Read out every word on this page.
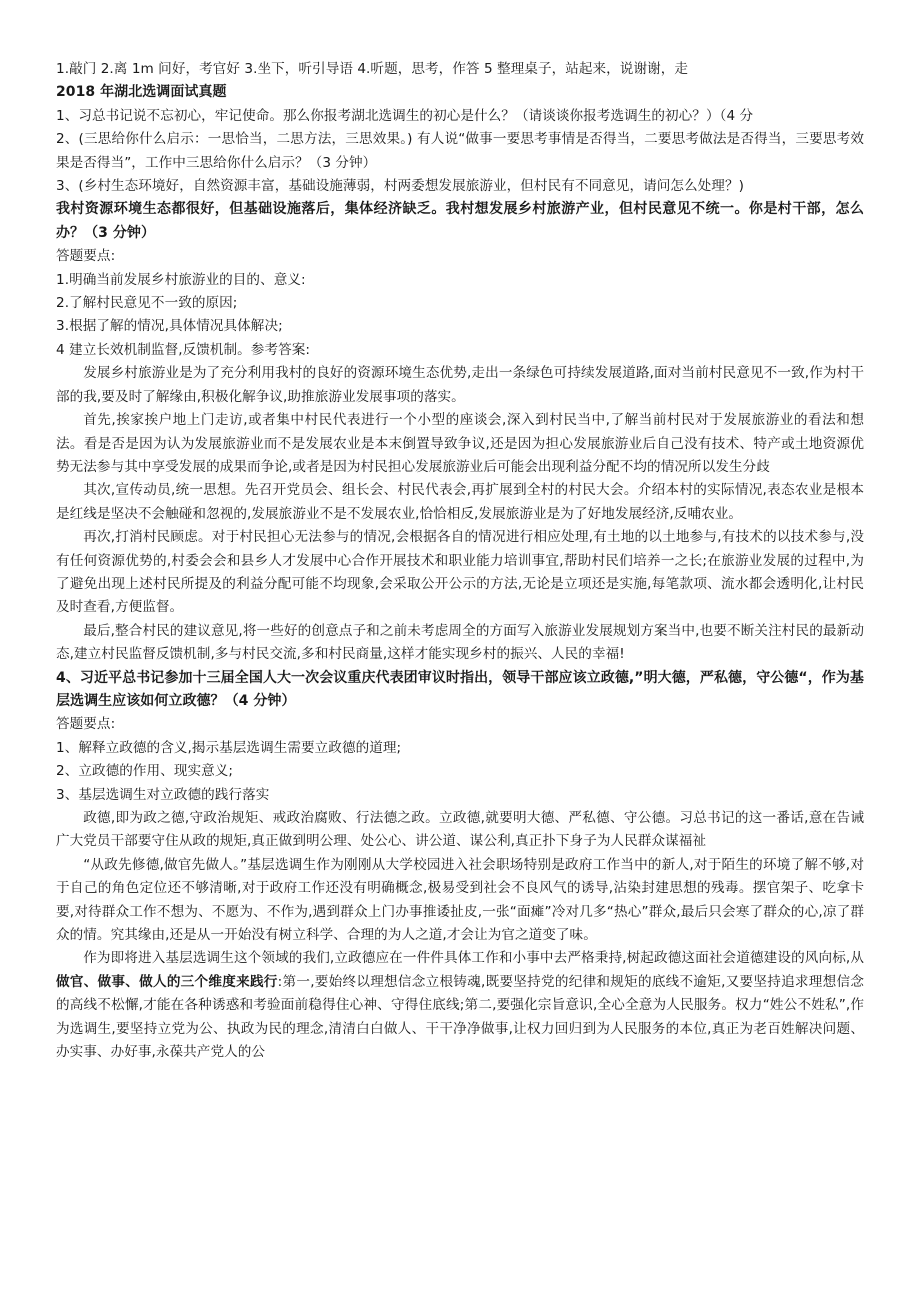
1.敲门 2.离 1m 问好，考官好 3.坐下，听引导语 4.听题，思考，作答 5 整理桌子，站起来，说谢谢，走

2018 年湖北选调面试真题

1、习总书记说不忘初心，牢记使命。那么你报考湖北选调生的初心是什么？（请谈谈你报考选调生的初心？）（4 分

2、(三思给你什么启示：一思恰当，二思方法，三思效果。) 有人说“做事一要思考事情是否得当，二要思考做法是否得当，三要思考效果是否得当”，工作中三思给你什么启示？（3 分钟）

3、(乡村生态环境好，自然资源丰富，基础设施薄弱，村两委想发展旅游业，但村民有不同意见，请问怎么处理？)

我村资源环境生态都很好，但基础设施落后，集体经济缺乏。我村想发展乡村旅游产业，但村民意见不统一。你是村干部，怎么办？（3 分钟）

答题要点:

1.明确当前发展乡村旅游业的目的、意义:

2.了解村民意见不一致的原因;

3.根据了解的情况,具体情况具体解决;

4 建立长效机制监督,反馈机制。参考答案:

发展乡村旅游业是为了充分利用我村的良好的资源环境生态优势,走出一条绿色可持续发展道路,面对当前村民意见不一致,作为村干部的我,要及时了解缘由,积极化解争议,助推旅游业发展事项的落实。

首先,挨家挨户地上门走访,或者集中村民代表进行一个小型的座谈会,深入到村民当中,了解当前村民对于发展旅游业的看法和想法。看是否是因为认为发展旅游业而不是发展农业是本末倒置导致争议,还是因为担心发展旅游业后自己没有技术、特产或土地资源优势无法参与其中享受发展的成果而争论,或者是因为村民担心发展旅游业后可能会出现利益分配不均的情况所以发生分歧

其次,宣传动员,统一思想。先召开党员会、组长会、村民代表会,再扩展到全村的村民大会。介绍本村的实际情况,表态农业是根本是红线是坚决不会触碰和忽视的,发展旅游业不是不发展农业,恰恰相反,发展旅游业是为了好地发展经济,反哺农业。

再次,打消村民顾虑。对于村民担心无法参与的情况,会根据各自的情况进行相应处理,有土地的以土地参与,有技术的以技术参与,没有任何资源优势的,村委会会和县乡人才发展中心合作开展技术和职业能力培训事宜,帮助村民们培养一之长;在旅游业发展的过程中,为了避免出现上述村民所提及的利益分配可能不均现象,会采取公开公示的方法,无论是立项还是实施,每笔款项、流水都会透明化,让村民及时查看,方便监督。

最后,整合村民的建议意见,将一些好的创意点子和之前未考虑周全的方面写入旅游业发展规划方案当中,也要不断关注村民的最新动态,建立村民监督反馈机制,多与村民交流,多和村民商量,这样才能实现乡村的振兴、人民的幸福!

4、习近平总书记参加十三届全国人大一次会议重庆代表团审议时指出，领导干部应该立政德,”明大德，严私德，守公德“，作为基层选调生应该如何立政德？（4 分钟）

答题要点:

1、解释立政德的含义,揭示基层选调生需要立政德的道理;

2、立政德的作用、现实意义;

3、基层选调生对立政德的践行落实

政德,即为政之德,守政治规矩、戒政治腐败、行法德之政。立政德,就要明大德、严私德、守公德。习总书记的这一番话,意在告诫广大党员干部要守住从政的规矩,真正做到明公理、处公心、讲公道、谋公利,真正扑下身子为人民群众谋福祉

“从政先修德,做官先做人。”基层选调生作为刚刚从大学校园进入社会职场特别是政府工作当中的新人,对于陌生的环境了解不够,对于自己的角色定位还不够清晰,对于政府工作还没有明确概念,极易受到社会不良风气的诱导,沾染封建思想的残毒。摆官架子、吃拿卡要,对待群众工作不想为、不愿为、不作为,遇到群众上门办事推诿扯皮,一张“面瘫”冷对几多“热心”群众,最后只会寒了群众的心,凉了群众的情。究其缘由,还是从一开始没有树立科学、合理的为人之道,才会让为官之道变了味。

作为即将进入基层选调生这个领域的我们,立政德应在一件件具体工作和小事中去严格秉持,树起政德这面社会道德建设的风向标,从做官、做事、做人的三个维度来践行:第一,要始终以理想信念立根铸魂,既要坚持党的纪律和规矩的底线不逾矩,又要坚持追求理想信念的高线不松懈,才能在各种诱惑和考验面前稳得住心神、守得住底线;第二,要强化宗旨意识,全心全意为人民服务。权力“姓公不姓私”,作为选调生,要坚持立党为公、执政为民的理念,清清白白做人、干干净净做事,让权力回归到为人民服务的本位,真正为老百姓解决问题、办实事、办好事,永葆共产党人的公
